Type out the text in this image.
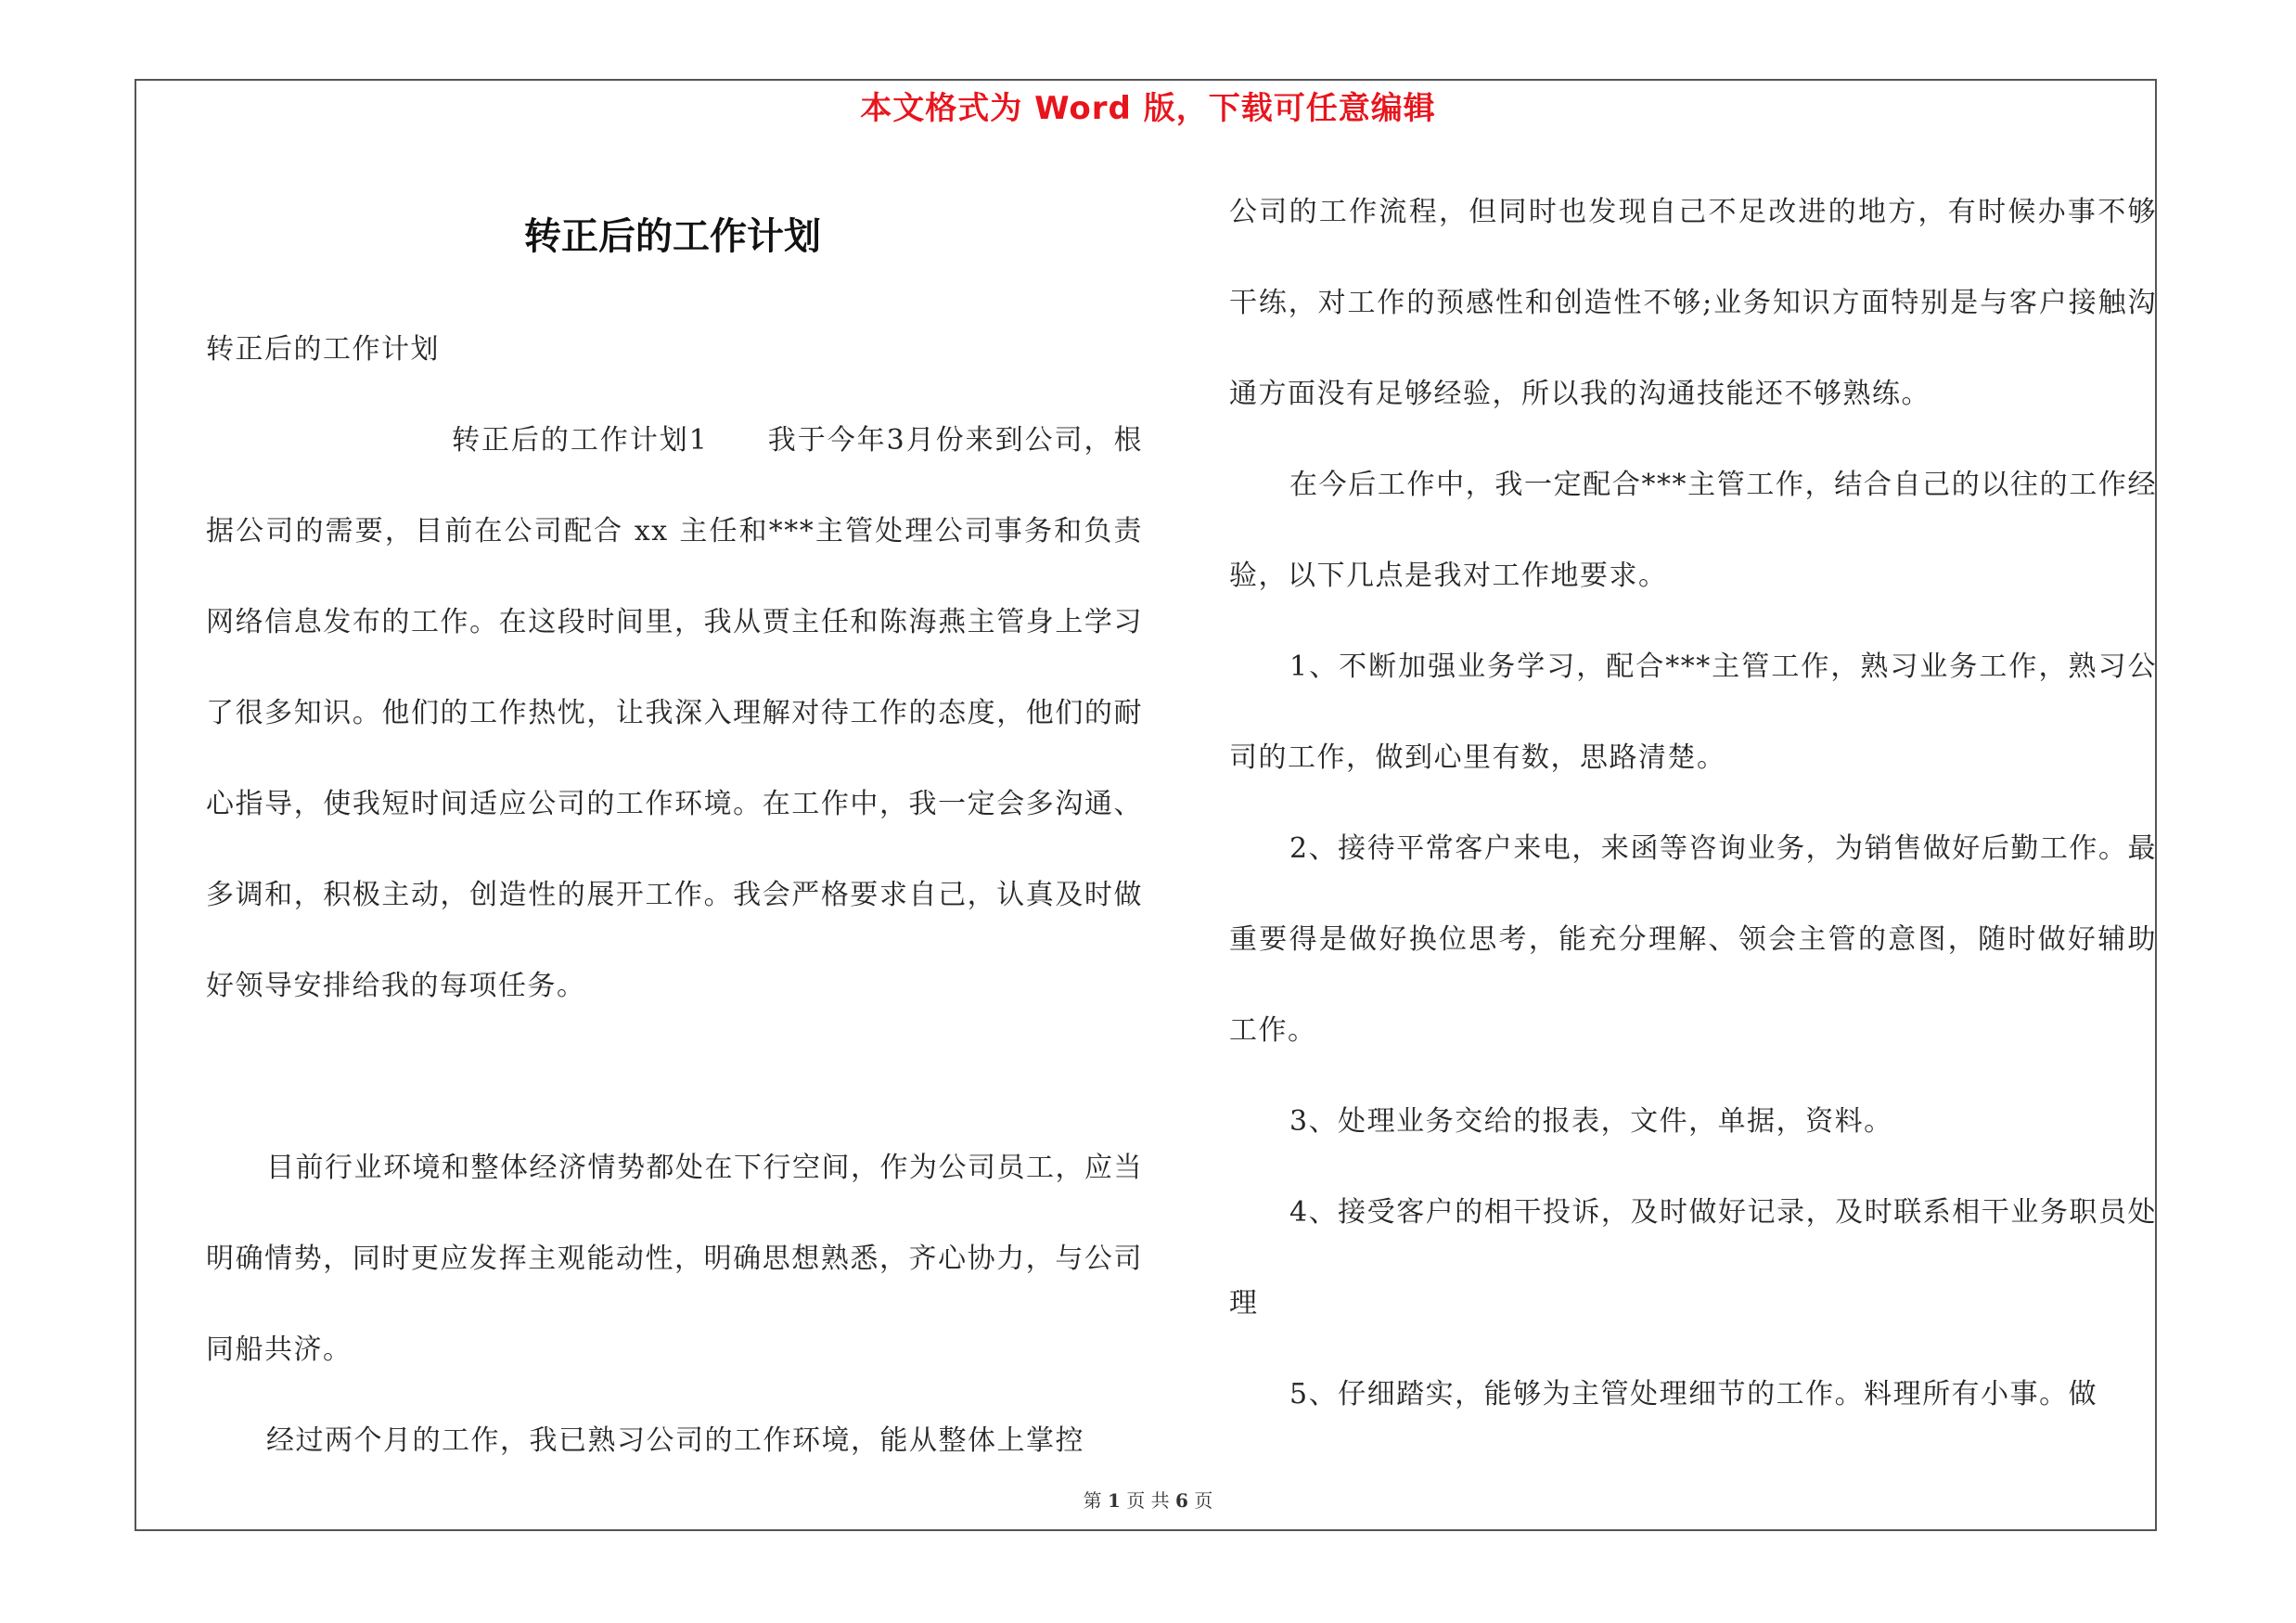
本文格式为 Word 版，下载可任意编辑
转正后的工作计划

转正后的工作计划

转正后的工作计划1　　我于今年3月份来到公司，根据公司的需要，目前在公司配合 xx 主任和***主管处理公司事务和负责网络信息发布的工作。在这段时间里，我从贾主任和陈海燕主管身上学习了很多知识。他们的工作热忱，让我深入理解对待工作的态度，他们的耐心指导，使我短时间适应公司的工作环境。在工作中，我一定会多沟通、多调和，积极主动，创造性的展开工作。我会严格要求自己，认真及时做好领导安排给我的每项任务。

目前行业环境和整体经济情势都处在下行空间，作为公司员工，应当明确情势，同时更应发挥主观能动性，明确思想熟悉，齐心协力，与公司同船共济。

经过两个月的工作，我已熟习公司的工作环境，能从整体上掌控

公司的工作流程，但同时也发现自己不足改进的地方，有时候办事不够干练，对工作的预感性和创造性不够;业务知识方面特别是与客户接触沟通方面没有足够经验，所以我的沟通技能还不够熟练。

在今后工作中，我一定配合***主管工作，结合自己的以往的工作经验，以下几点是我对工作地要求。

1、不断加强业务学习，配合***主管工作，熟习业务工作，熟习公司的工作，做到心里有数，思路清楚。

2、接待平常客户来电，来函等咨询业务，为销售做好后勤工作。最重要得是做好换位思考，能充分理解、领会主管的意图，随时做好辅助工作。

3、处理业务交给的报表，文件，单据，资料。

4、接受客户的相干投诉，及时做好记录，及时联系相干业务职员处理

5、仔细踏实，能够为主管处理细节的工作。料理所有小事。做

第 1 页 共 6 页
